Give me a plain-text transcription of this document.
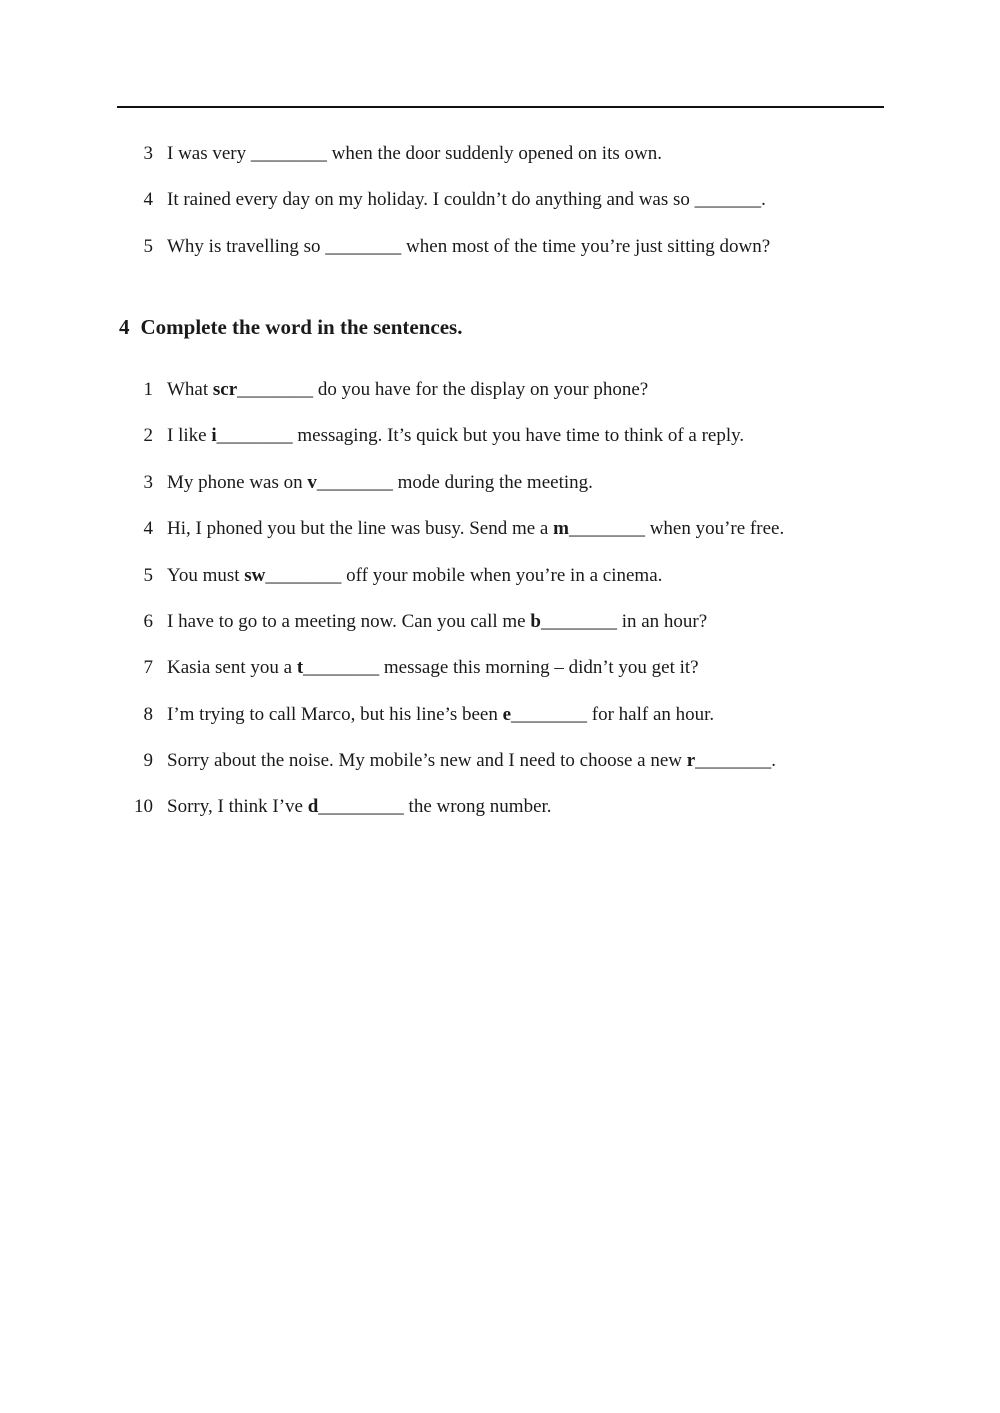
3 I was very ________ when the door suddenly opened on its own.
4 It rained every day on my holiday. I couldn’t do anything and was so _______.
5 Why is travelling so ________ when most of the time you’re just sitting down?
4 Complete the word in the sentences.
1 What scr________ do you have for the display on your phone?
2 I like i________ messaging. It’s quick but you have time to think of a reply.
3 My phone was on v________ mode during the meeting.
4 Hi, I phoned you but the line was busy. Send me a m________ when you’re free.
5 You must sw________ off your mobile when you’re in a cinema.
6 I have to go to a meeting now. Can you call me b________ in an hour?
7 Kasia sent you a t________ message this morning – didn’t you get it?
8 I’m trying to call Marco, but his line’s been e________ for half an hour.
9 Sorry about the noise. My mobile’s new and I need to choose a new r________.
10 Sorry, I think I’ve d_________ the wrong number.
